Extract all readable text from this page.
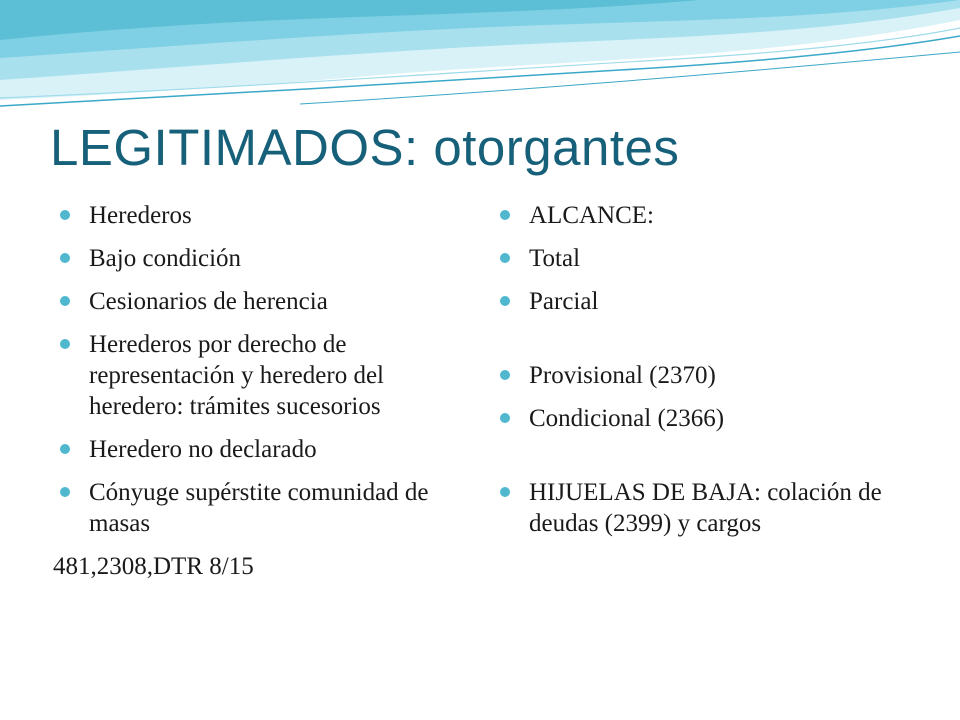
LEGITIMADOS: otorgantes
Herederos
Bajo condición
Cesionarios de herencia
Herederos por derecho de representación y heredero del heredero: trámites sucesorios
Heredero no declarado
Cónyuge supérstite comunidad de masas

481,2308,DTR 8/15

ALCANCE:
Total
Parcial
Provisional (2370)
Condicional (2366)
HIJUELAS DE BAJA: colación de deudas (2399) y cargos
